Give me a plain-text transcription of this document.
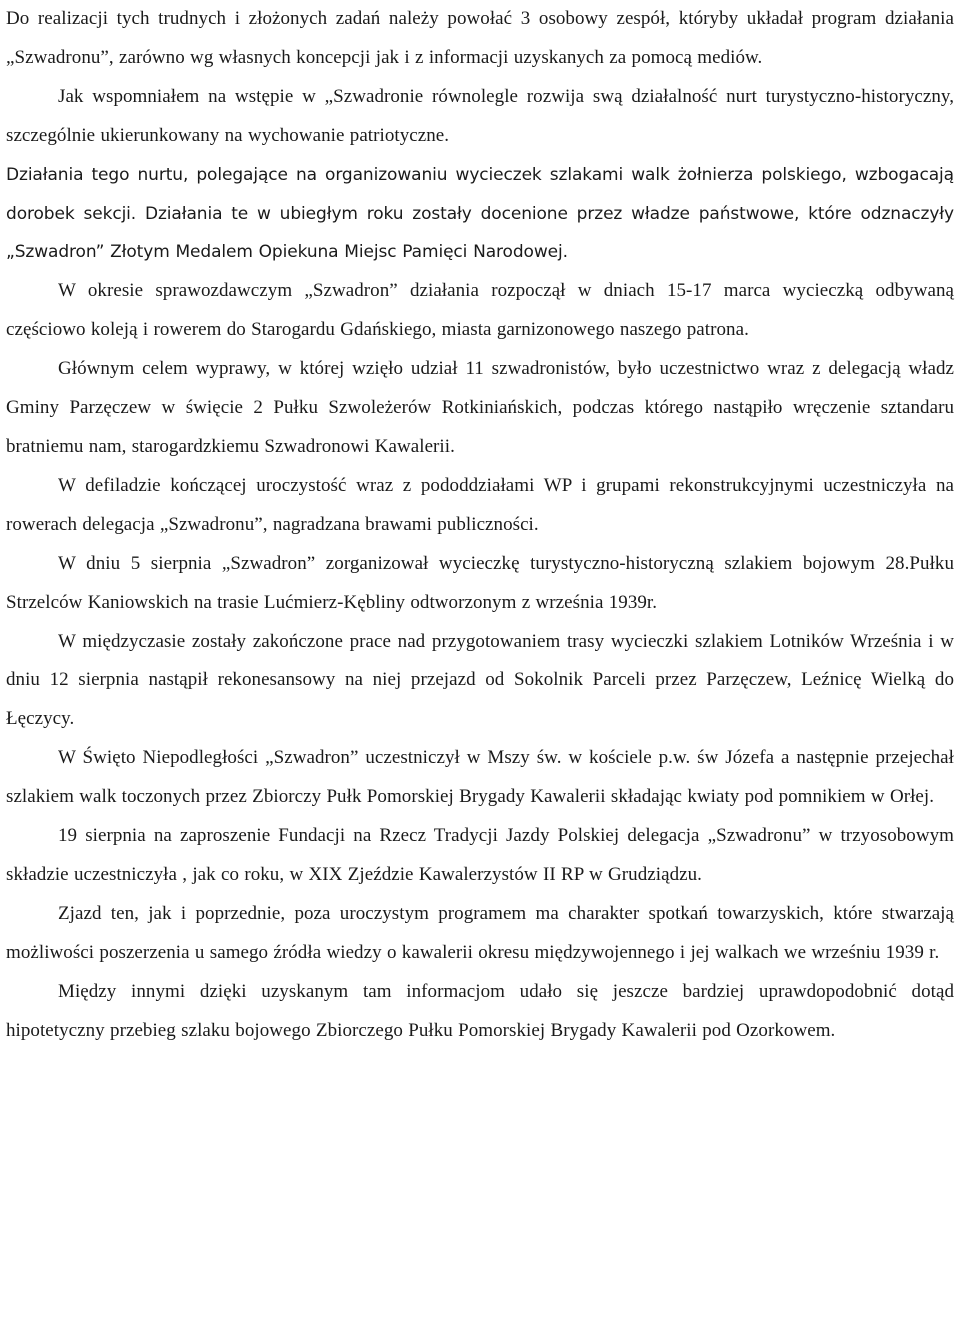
Do realizacji tych trudnych i złożonych zadań należy powołać 3 osobowy zespół, któryby układał program działania „Szwadronu”, zarówno wg własnych koncepcji jak i z informacji uzyskanych za pomocą mediów.

Jak wspomniałem na wstępie w „Szwadronie równolegle rozwija swą działalność nurt turystyczno-historyczny, szczególnie ukierunkowany na wychowanie patriotyczne.

Działania tego nurtu, polegające na organizowaniu wycieczek szlakami walk żołnierza polskiego, wzbogacają dorobek sekcji. Działania te w ubiegłym roku zostały docenione przez władze państwowe, które odznaczyły „Szwadron” Złotym Medalem Opiekuna Miejsc Pamięci Narodowej.

W okresie sprawozdawczym „Szwadron” działania rozpoczął w dniach 15-17 marca wycieczką odbywaną częściowo koleją i rowerem do Starogardu Gdańskiego, miasta garnizonowego naszego patrona.

Głównym celem wyprawy, w której wzięło udział 11 szwadronistów, było uczestnictwo wraz z delegacją władz Gminy Parzęczew w święcie 2 Pułku Szwoleżerów Rotkiniańskich, podczas którego nastąpiło wręczenie sztandaru bratniemu nam, starogardzkiemu Szwadronowi Kawalerii.

W defiladzie kończącej uroczystość wraz z pododdziałami WP i grupami rekonstrukcyjnymi uczestniczyła na rowerach delegacja „Szwadronu”, nagradzana brawami publiczności.

W dniu 5 sierpnia „Szwadron” zorganizował wycieczkę turystyczno-historyczną szlakiem bojowym 28.Pułku Strzelców Kaniowskich na trasie Lućmierz-Kębliny odtworzonym z września 1939r.

W międzyczasie zostały zakończone prace nad przygotowaniem trasy wycieczki szlakiem Lotników Września i w dniu 12 sierpnia nastąpił rekonesansowy na niej przejazd od Sokolnik Parceli przez Parzęczew, Leźnicę Wielką do Łęczycy.

W Święto Niepodległości „Szwadron” uczestniczył w Mszy św. w kościele p.w. św Józefa a następnie przejechał szlakiem walk toczonych przez Zbiorczy Pułk Pomorskiej Brygady Kawalerii składając kwiaty pod pomnikiem w Orłej.

19 sierpnia na zaproszenie Fundacji na Rzecz Tradycji Jazdy Polskiej delegacja „Szwadronu” w trzyosobowym składzie uczestniczyła , jak co roku, w XIX Zjeździe Kawalerzystów II RP w Grudziądzu.

Zjazd ten, jak i poprzednie, poza uroczystym programem ma charakter spotkań towarzyskich, które stwarzają możliwości poszerzenia u samego źródła wiedzy o kawalerii okresu międzywojennego i jej walkach we wrześniu 1939 r.

Między innymi dzięki uzyskanym tam informacjom udało się jeszcze bardziej uprawdopodobnić dotąd hipotetyczny przebieg szlaku bojowego Zbiorczego Pułku Pomorskiej Brygady Kawalerii pod Ozorkowem.
